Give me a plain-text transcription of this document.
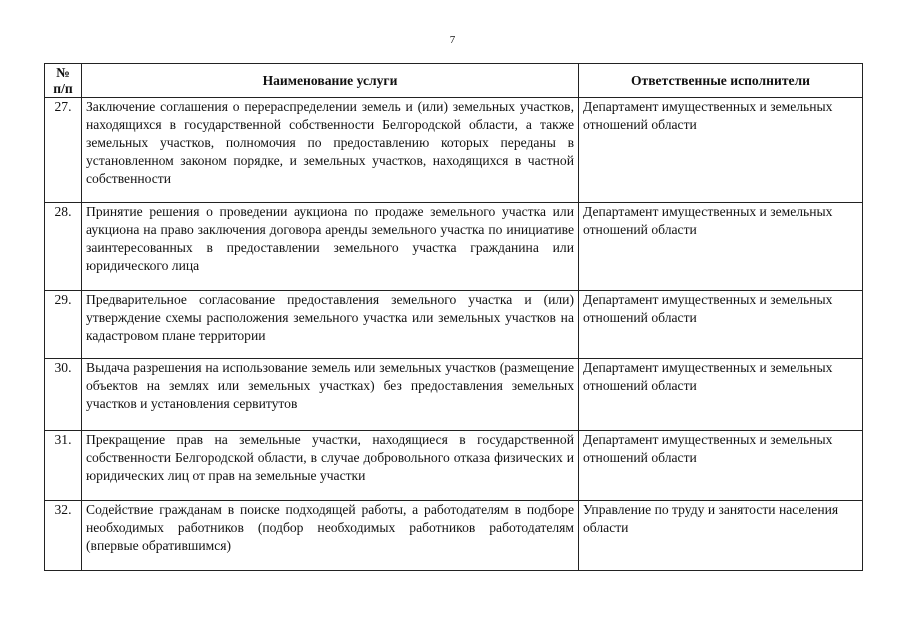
7
№ п/п	Наименование услуги	Ответственные исполнители
27.	Заключение соглашения о перераспределении земель и (или) земельных участков, находящихся в государственной собственности Белгородской области, а также земельных участков, полномочия по предоставлению которых переданы в установленном законом порядке, и земельных участков, находящихся в частной собственности	Департамент имущественных и земельных отношений области
28.	Принятие решения о проведении аукциона по продаже земельного участка или аукциона на право заключения договора аренды земельного участка по инициативе заинтересованных в предоставлении земельного участка гражданина или юридического лица	Департамент имущественных и земельных отношений области
29.	Предварительное согласование предоставления земельного участка и (или) утверждение схемы расположения земельного участка или земельных участков на кадастровом плане территории	Департамент имущественных и земельных отношений области
30.	Выдача разрешения на использование земель или земельных участков (размещение объектов на землях или земельных участках) без предоставления земельных участков и установления сервитутов	Департамент имущественных и земельных отношений области
31.	Прекращение прав на земельные участки, находящиеся в государственной собственности Белгородской области, в случае добровольного отказа физических и юридических лиц от прав на земельные участки	Департамент имущественных и земельных отношений области
32.	Содействие гражданам в поиске подходящей работы, а работодателям в подборе необходимых работников (подбор необходимых работников работодателям (впервые обратившимся)	Управление по труду и занятости населения области
